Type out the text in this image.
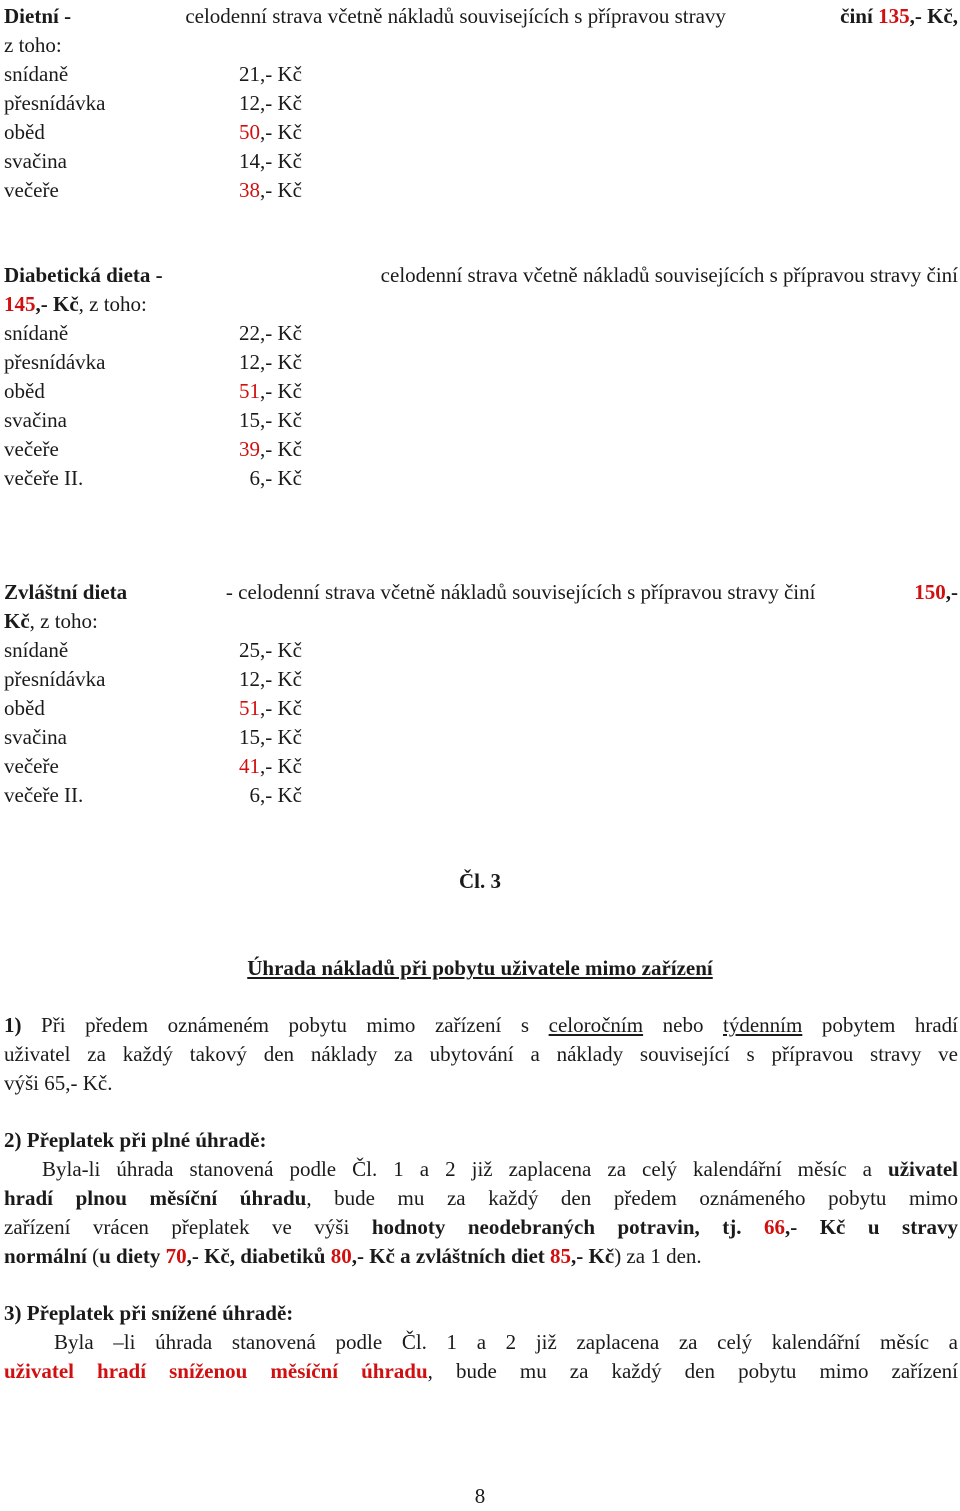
Dietní -	celodenní strava včetně nákladů souvisejících s přípravou stravy	činí 135,- Kč,
z toho:
snídaně	21,- Kč
přesnídávka	12,- Kč
oběd	50,- Kč
svačina	14,- Kč
večeře	38,- Kč
Diabetická dieta -	celodenní strava včetně nákladů souvisejících s přípravou stravy činí
145,- Kč, z toho:
snídaně	22,- Kč
přesnídávka	12,- Kč
oběd	51,- Kč
svačina	15,- Kč
večeře	39,- Kč
večeře II.	6,- Kč
Zvláštní dieta	- celodenní strava včetně nákladů souvisejících s přípravou stravy činí	150,-
Kč, z toho:
snídaně	25,- Kč
přesnídávka	12,- Kč
oběd	51,- Kč
svačina	15,- Kč
večeře	41,- Kč
večeře II.	6,- Kč
Čl. 3
Úhrada nákladů při pobytu uživatele mimo zařízení
1) Při předem oznámeném pobytu mimo zařízení s celoročním nebo týdenním pobytem hradí
uživatel za každý takový den náklady za ubytování a náklady související s přípravou stravy ve
výši 65,- Kč.
2) Přeplatek při plné úhradě:
Byla-li úhrada stanovená podle Čl. 1 a 2 již zaplacena za celý kalendářní měsíc a uživatel
hradí plnou měsíční úhradu, bude mu za každý den předem oznámeného pobytu mimo
zařízení vrácen přeplatek ve výši hodnoty neodebraných potravin, tj. 66,- Kč u stravy
normální (u diety 70,- Kč, diabetiků 80,- Kč a zvláštních diet 85,- Kč) za 1 den.
3) Přeplatek při snížené úhradě:
Byla –li úhrada stanovená podle Čl. 1 a 2 již zaplacena za celý kalendářní měsíc a
uživatel hradí sníženou měsíční úhradu, bude mu za každý den pobytu mimo zařízení
8
